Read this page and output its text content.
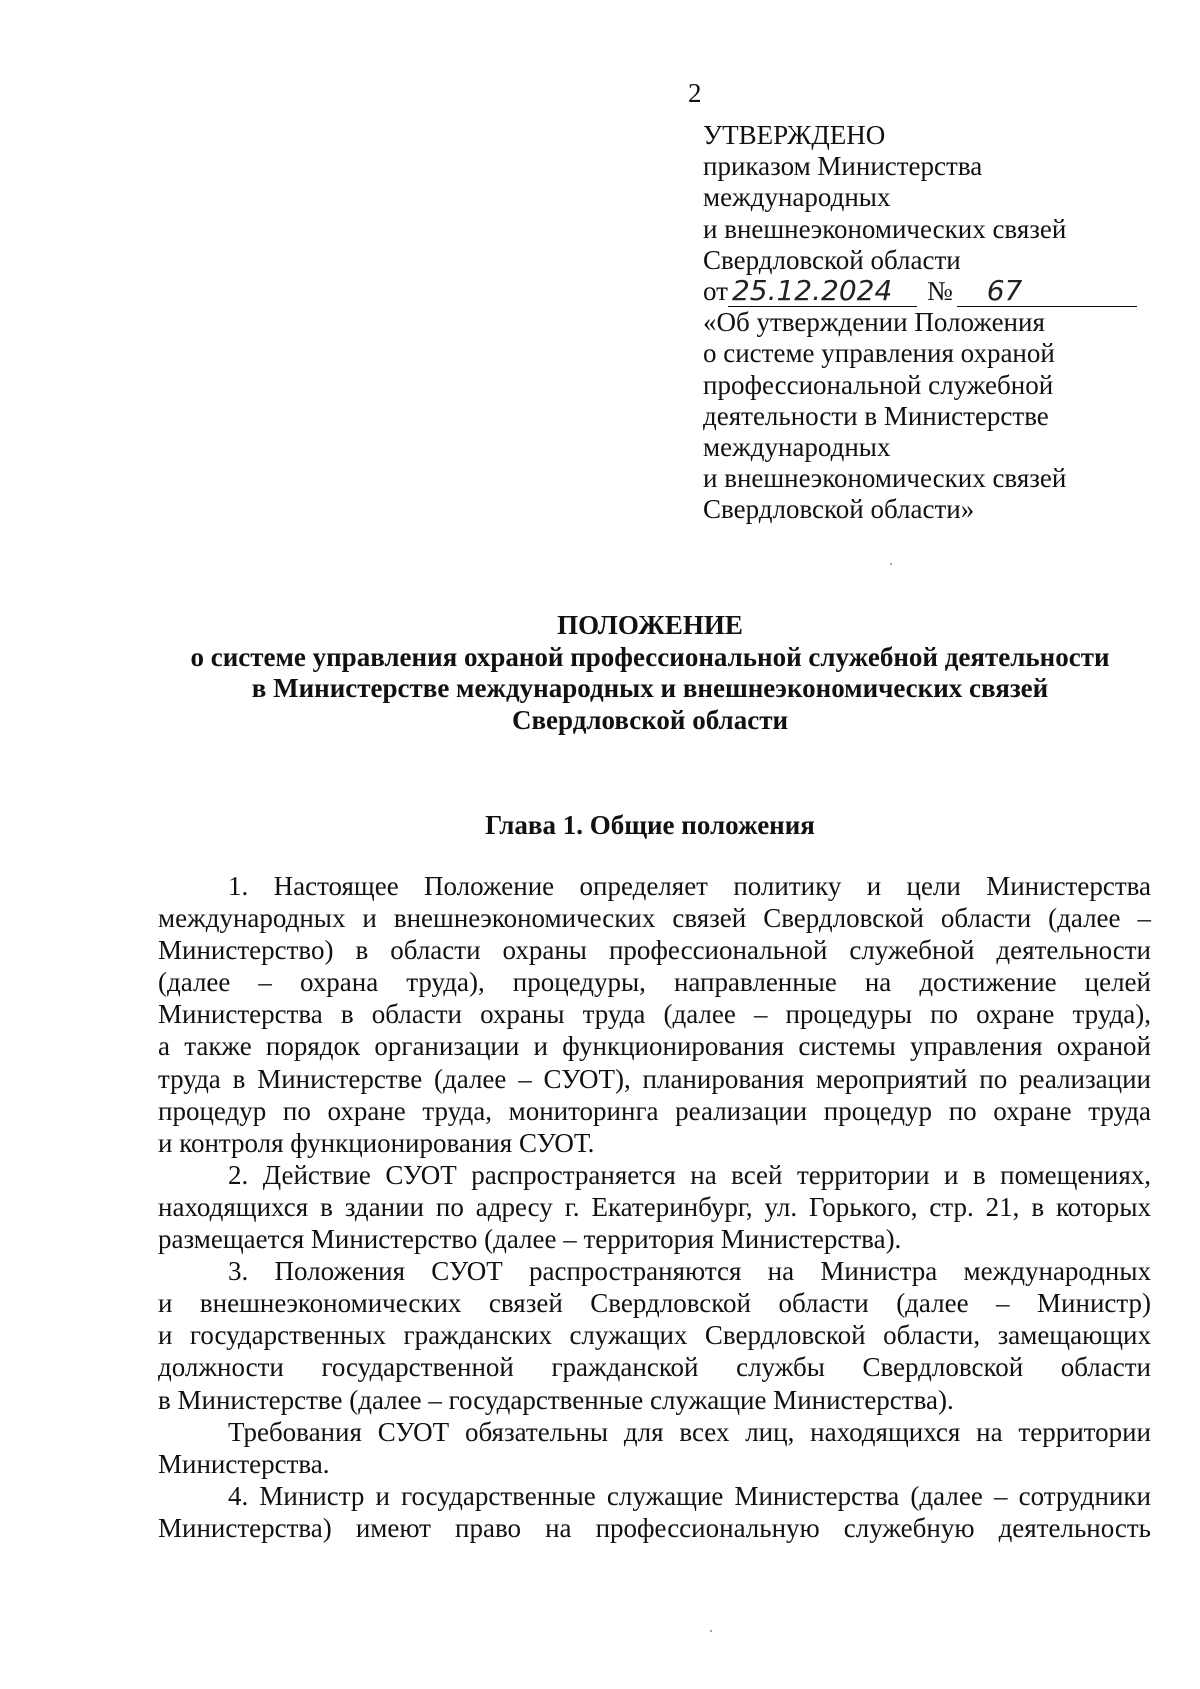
2
УТВЕРЖДЕНО
приказом Министерства
международных
и внешнеэкономических связей
Свердловской области
от 25.12.2024	№	67
«Об утверждении Положения
о системе управления охраной
профессиональной служебной
деятельности в Министерстве
международных
и внешнеэкономических связей
Свердловской области»
ПОЛОЖЕНИЕ
о системе управления охраной профессиональной служебной деятельности
в Министерстве международных и внешнеэкономических связей
Свердловской области
Глава 1. Общие положения

1. Настоящее Положение определяет политику и цели Министерства
международных и внешнеэкономических связей Свердловской области (далее –
Министерство) в области охраны профессиональной служебной деятельности
(далее – охрана труда), процедуры, направленные на достижение целей
Министерства в области охраны труда (далее – процедуры по охране труда),
а также порядок организации и функционирования системы управления охраной
труда в Министерстве (далее – СУОТ), планирования мероприятий по реализации
процедур по охране труда, мониторинга реализации процедур по охране труда
и контроля функционирования СУОТ.

2. Действие СУОТ распространяется на всей территории и в помещениях,
находящихся в здании по адресу г. Екатеринбург, ул. Горького, стр. 21, в которых
размещается Министерство (далее – территория Министерства).

3. Положения СУОТ распространяются на Министра международных
и внешнеэкономических связей Свердловской области (далее – Министр)
и государственных гражданских служащих Свердловской области, замещающих
должности государственной гражданской службы Свердловской области
в Министерстве (далее – государственные служащие Министерства).

Требования СУОТ обязательны для всех лиц, находящихся на территории
Министерства.

4. Министр и государственные служащие Министерства (далее – сотрудники
Министерства) имеют право на профессиональную служебную деятельность
